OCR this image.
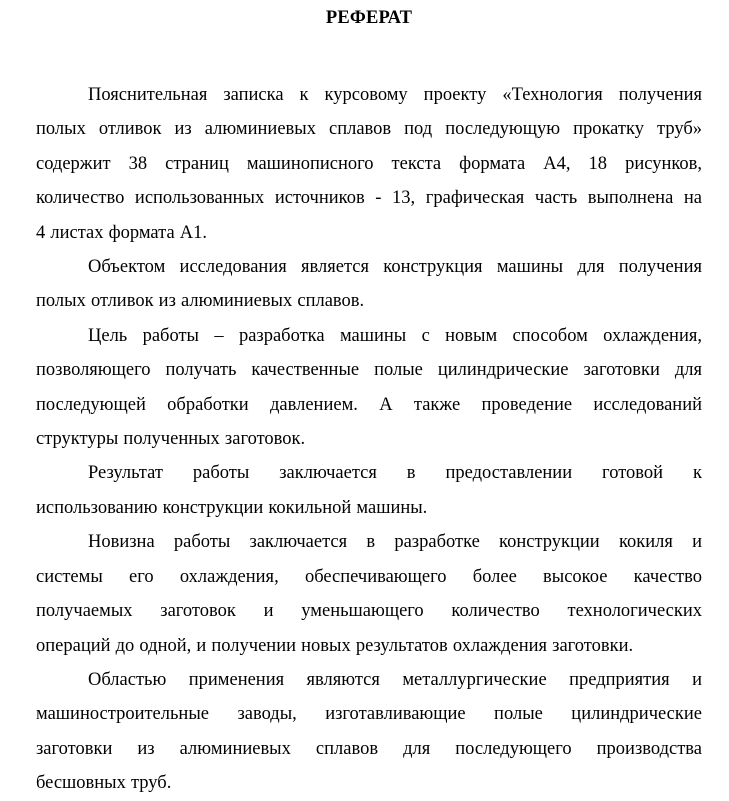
РЕФЕРАТ

Пояснительная записка к курсовому проекту «Технология получения
полых отливок из алюминиевых сплавов под последующую прокатку труб»
содержит 38 страниц машинописного текста формата А4, 18 рисунков,
количество использованных источников - 13, графическая часть выполнена на
4 листах формата А1.

Объектом исследования является конструкция машины для получения
полых отливок из алюминиевых сплавов.

Цель работы – разработка машины с новым способом охлаждения,
позволяющего получать качественные полые цилиндрические заготовки для
последующей обработки давлением. А также проведение исследований
структуры полученных заготовок.

Результат работы заключается в предоставлении готовой к
использованию конструкции кокильной машины.

Новизна работы заключается в разработке конструкции кокиля и
системы его охлаждения, обеспечивающего более высокое качество
получаемых заготовок и уменьшающего количество технологических
операций до одной, и получении новых результатов охлаждения заготовки.

Областью применения являются металлургические предприятия и
машиностроительные заводы, изготавливающие полые цилиндрические
заготовки из алюминиевых сплавов для последующего производства
бесшовных труб.
